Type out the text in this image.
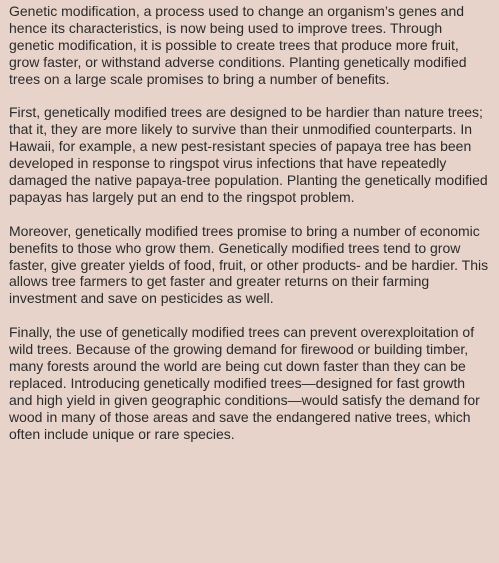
Genetic modification, a process used to change an organism’s genes and hence its characteristics, is now being used to improve trees. Through genetic modification, it is possible to create trees that produce more fruit, grow faster, or withstand adverse conditions. Planting genetically modified trees on a large scale promises to bring a number of benefits.

First, genetically modified trees are designed to be hardier than nature trees; that it, they are more likely to survive than their unmodified counterparts. In Hawaii, for example, a new pest-resistant species of papaya tree has been developed in response to ringspot virus infections that have repeatedly damaged the native papaya-tree population. Planting the genetically modified papayas has largely put an end to the ringspot problem.

Moreover, genetically modified trees promise to bring a number of economic benefits to those who grow them. Genetically modified trees tend to grow faster, give greater yields of food, fruit, or other products- and be hardier. This allows tree farmers to get faster and greater returns on their farming investment and save on pesticides as well.

Finally, the use of genetically modified trees can prevent overexploitation of wild trees. Because of the growing demand for firewood or building timber, many forests around the world are being cut down faster than they can be replaced. Introducing genetically modified trees—designed for fast growth and high yield in given geographic conditions—would satisfy the demand for wood in many of those areas and save the endangered native trees, which often include unique or rare species.
